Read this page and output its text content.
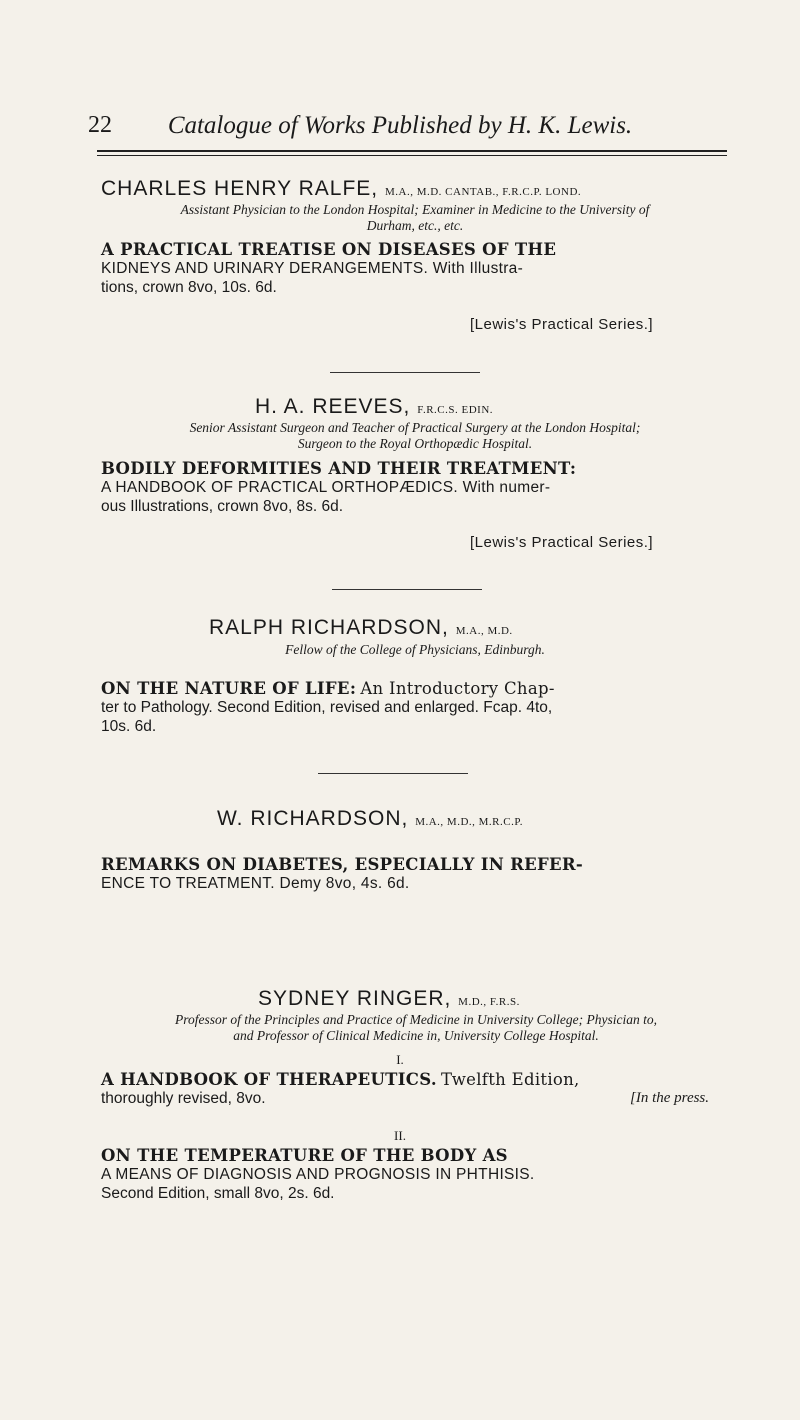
22	Catalogue of Works Published by H. K. Lewis.
CHARLES HENRY RALFE, M.A., M.D. CANTAB., F.R.C.P. LOND.
Assistant Physician to the London Hospital; Examiner in Medicine to the University of
Durham, etc., etc.
A PRACTICAL TREATISE ON DISEASES OF THE
KIDNEYS AND URINARY DERANGEMENTS. With Illustra-
tions, crown 8vo, 10s. 6d.
[Lewis's Practical Series.]
H. A. REEVES, F.R.C.S. EDIN.
Senior Assistant Surgeon and Teacher of Practical Surgery at the London Hospital;
Surgeon to the Royal Orthopædic Hospital.
BODILY DEFORMITIES AND THEIR TREATMENT:
A HANDBOOK OF PRACTICAL ORTHOPÆDICS. With numer-
ous Illustrations, crown 8vo, 8s. 6d.
[Lewis's Practical Series.]
RALPH RICHARDSON, M.A., M.D.
Fellow of the College of Physicians, Edinburgh.
ON THE NATURE OF LIFE: An Introductory Chap-
ter to Pathology. Second Edition, revised and enlarged. Fcap. 4to,
10s. 6d.
W. RICHARDSON, M.A., M.D., M.R.C.P.
REMARKS ON DIABETES, ESPECIALLY IN REFER-
ENCE TO TREATMENT. Demy 8vo, 4s. 6d.
SYDNEY RINGER, M.D., F.R.S.
Professor of the Principles and Practice of Medicine in University College; Physician to,
and Professor of Clinical Medicine in, University College Hospital.
I.
A HANDBOOK OF THERAPEUTICS. Twelfth Edition,
thoroughly revised, 8vo.	[In the press.
II.
ON THE TEMPERATURE OF THE BODY AS
A MEANS OF DIAGNOSIS AND PROGNOSIS IN PHTHISIS.
Second Edition, small 8vo, 2s. 6d.
